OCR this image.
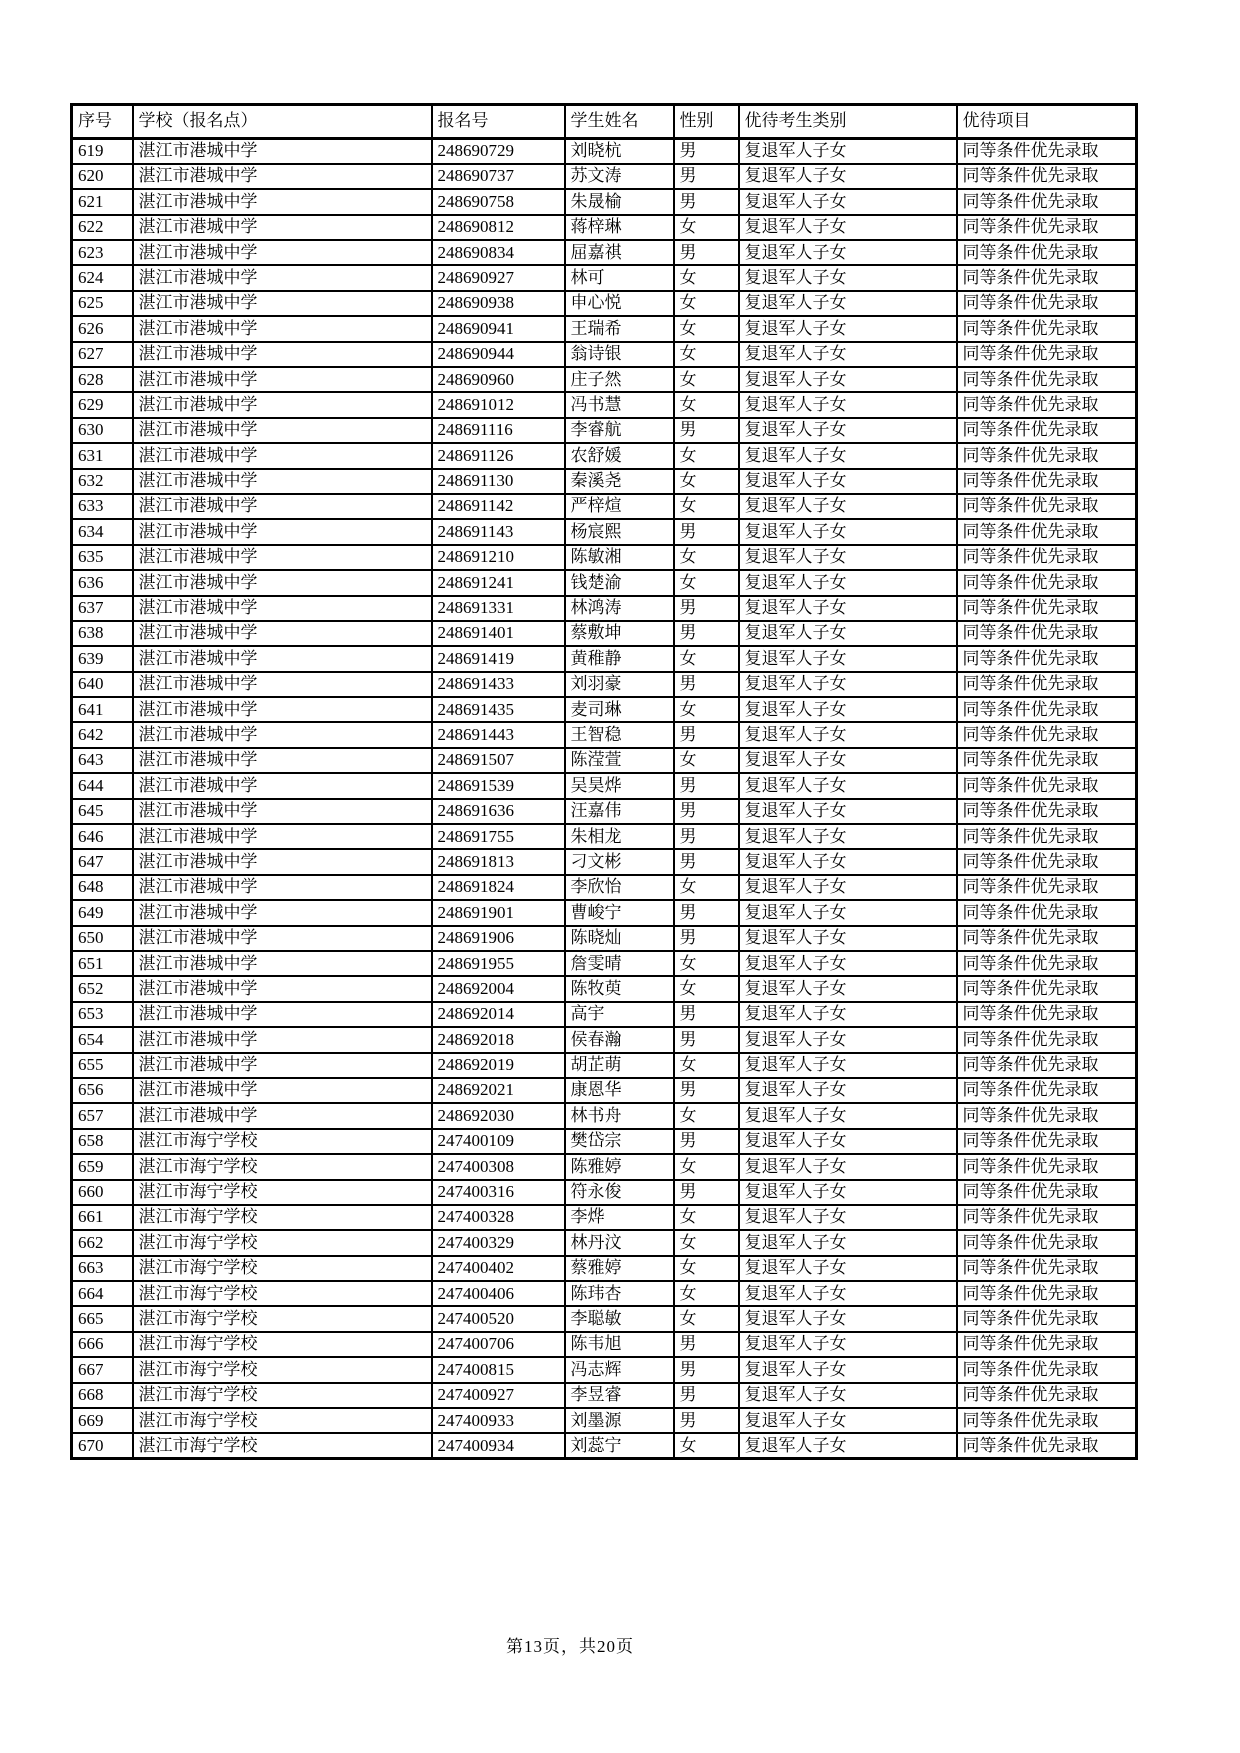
序号	学校（报名点）	报名号	学生姓名	性别	优待考生类别	优待项目
619	湛江市港城中学	248690729	刘晓杭	男	复退军人子女	同等条件优先录取
620	湛江市港城中学	248690737	苏文涛	男	复退军人子女	同等条件优先录取
621	湛江市港城中学	248690758	朱晟榆	男	复退军人子女	同等条件优先录取
622	湛江市港城中学	248690812	蒋梓琳	女	复退军人子女	同等条件优先录取
623	湛江市港城中学	248690834	屈嘉祺	男	复退军人子女	同等条件优先录取
624	湛江市港城中学	248690927	林可	女	复退军人子女	同等条件优先录取
625	湛江市港城中学	248690938	申心悦	女	复退军人子女	同等条件优先录取
626	湛江市港城中学	248690941	王瑞希	女	复退军人子女	同等条件优先录取
627	湛江市港城中学	248690944	翁诗银	女	复退军人子女	同等条件优先录取
628	湛江市港城中学	248690960	庄子然	女	复退军人子女	同等条件优先录取
629	湛江市港城中学	248691012	冯书慧	女	复退军人子女	同等条件优先录取
630	湛江市港城中学	248691116	李睿航	男	复退军人子女	同等条件优先录取
631	湛江市港城中学	248691126	农舒媛	女	复退军人子女	同等条件优先录取
632	湛江市港城中学	248691130	秦溪尧	女	复退军人子女	同等条件优先录取
633	湛江市港城中学	248691142	严梓煊	女	复退军人子女	同等条件优先录取
634	湛江市港城中学	248691143	杨宸熙	男	复退军人子女	同等条件优先录取
635	湛江市港城中学	248691210	陈敏湘	女	复退军人子女	同等条件优先录取
636	湛江市港城中学	248691241	钱楚渝	女	复退军人子女	同等条件优先录取
637	湛江市港城中学	248691331	林鸿涛	男	复退军人子女	同等条件优先录取
638	湛江市港城中学	248691401	蔡敷坤	男	复退军人子女	同等条件优先录取
639	湛江市港城中学	248691419	黄稚静	女	复退军人子女	同等条件优先录取
640	湛江市港城中学	248691433	刘羽豪	男	复退军人子女	同等条件优先录取
641	湛江市港城中学	248691435	麦司琳	女	复退军人子女	同等条件优先录取
642	湛江市港城中学	248691443	王智稳	男	复退军人子女	同等条件优先录取
643	湛江市港城中学	248691507	陈滢萱	女	复退军人子女	同等条件优先录取
644	湛江市港城中学	248691539	吴昊烨	男	复退军人子女	同等条件优先录取
645	湛江市港城中学	248691636	汪嘉伟	男	复退军人子女	同等条件优先录取
646	湛江市港城中学	248691755	朱相龙	男	复退军人子女	同等条件优先录取
647	湛江市港城中学	248691813	刁文彬	男	复退军人子女	同等条件优先录取
648	湛江市港城中学	248691824	李欣怡	女	复退军人子女	同等条件优先录取
649	湛江市港城中学	248691901	曹峻宁	男	复退军人子女	同等条件优先录取
650	湛江市港城中学	248691906	陈晓灿	男	复退军人子女	同等条件优先录取
651	湛江市港城中学	248691955	詹雯晴	女	复退军人子女	同等条件优先录取
652	湛江市港城中学	248692004	陈牧萸	女	复退军人子女	同等条件优先录取
653	湛江市港城中学	248692014	高宇	男	复退军人子女	同等条件优先录取
654	湛江市港城中学	248692018	侯春瀚	男	复退军人子女	同等条件优先录取
655	湛江市港城中学	248692019	胡芷萌	女	复退军人子女	同等条件优先录取
656	湛江市港城中学	248692021	康恩华	男	复退军人子女	同等条件优先录取
657	湛江市港城中学	248692030	林书舟	女	复退军人子女	同等条件优先录取
658	湛江市海宁学校	247400109	樊岱宗	男	复退军人子女	同等条件优先录取
659	湛江市海宁学校	247400308	陈雅婷	女	复退军人子女	同等条件优先录取
660	湛江市海宁学校	247400316	符永俊	男	复退军人子女	同等条件优先录取
661	湛江市海宁学校	247400328	李烨	女	复退军人子女	同等条件优先录取
662	湛江市海宁学校	247400329	林丹汶	女	复退军人子女	同等条件优先录取
663	湛江市海宁学校	247400402	蔡雅婷	女	复退军人子女	同等条件优先录取
664	湛江市海宁学校	247400406	陈玮杏	女	复退军人子女	同等条件优先录取
665	湛江市海宁学校	247400520	李聪敏	女	复退军人子女	同等条件优先录取
666	湛江市海宁学校	247400706	陈韦旭	男	复退军人子女	同等条件优先录取
667	湛江市海宁学校	247400815	冯志辉	男	复退军人子女	同等条件优先录取
668	湛江市海宁学校	247400927	李昱睿	男	复退军人子女	同等条件优先录取
669	湛江市海宁学校	247400933	刘墨源	男	复退军人子女	同等条件优先录取
670	湛江市海宁学校	247400934	刘蕊宁	女	复退军人子女	同等条件优先录取
第13页，共20页
